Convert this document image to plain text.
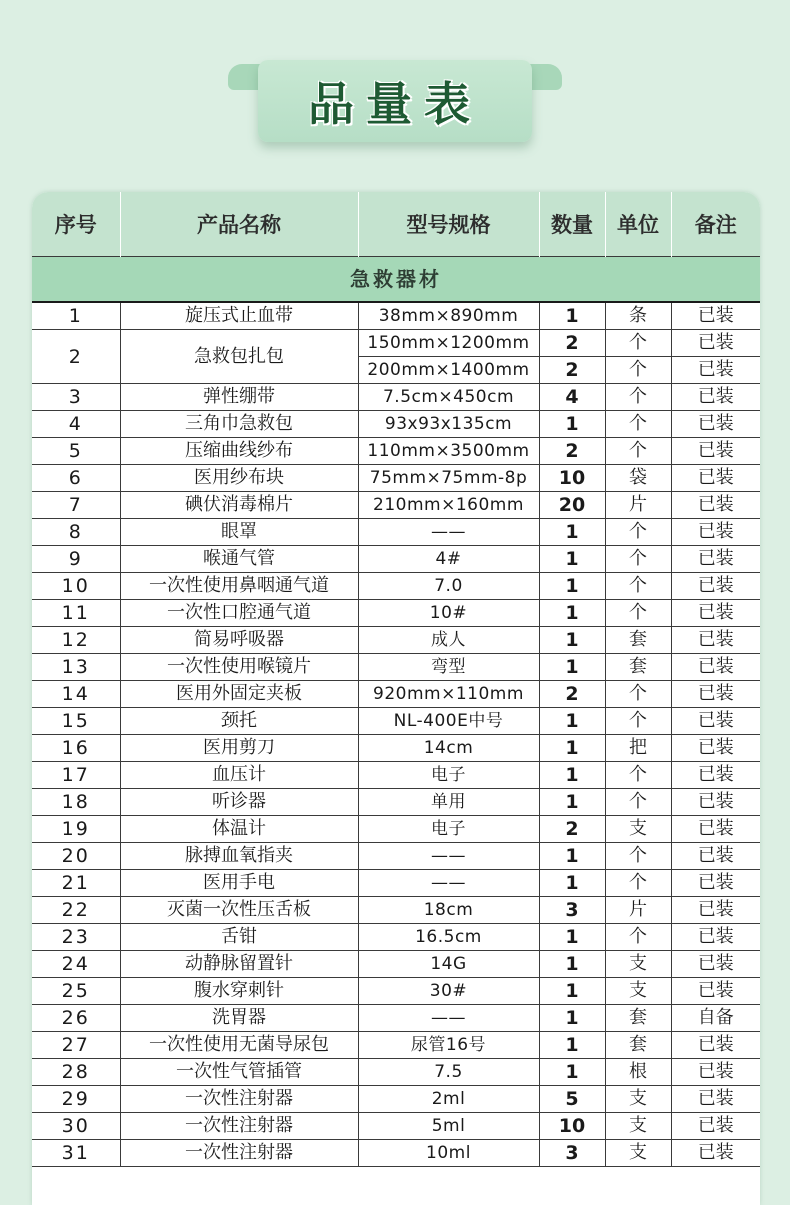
品量表
序号	产品名称	型号规格	数量	单位	备注
急救器材					
1	旋压式止血带	38mm×890mm	1	条	已装
2	急救包扎包	150mm×1200mm	2	个	已装
		200mm×1400mm	2	个	已装
3	弹性绷带	7.5cm×450cm	4	个	已装
4	三角巾急救包	93x93x135cm	1	个	已装
5	压缩曲线纱布	110mm×3500mm	2	个	已装
6	医用纱布块	75mm×75mm-8p	10	袋	已装
7	碘伏消毒棉片	210mm×160mm	20	片	已装
8	眼罩	——	1	个	已装
9	喉通气管	4#	1	个	已装
10	一次性使用鼻咽通气道	7.0	1	个	已装
11	一次性口腔通气道	10#	1	个	已装
12	简易呼吸器	成人	1	套	已装
13	一次性使用喉镜片	弯型	1	套	已装
14	医用外固定夹板	920mm×110mm	2	个	已装
15	颈托	NL-400E中号	1	个	已装
16	医用剪刀	14cm	1	把	已装
17	血压计	电子	1	个	已装
18	听诊器	单用	1	个	已装
19	体温计	电子	2	支	已装
20	脉搏血氧指夹	——	1	个	已装
21	医用手电	——	1	个	已装
22	灭菌一次性压舌板	18cm	3	片	已装
23	舌钳	16.5cm	1	个	已装
24	动静脉留置针	14G	1	支	已装
25	腹水穿刺针	30#	1	支	已装
26	洗胃器	——	1	套	自备
27	一次性使用无菌导尿包	尿管16号	1	套	已装
28	一次性气管插管	7.5	1	根	已装
29	一次性注射器	2ml	5	支	已装
30	一次性注射器	5ml	10	支	已装
31	一次性注射器	10ml	3	支	已装
